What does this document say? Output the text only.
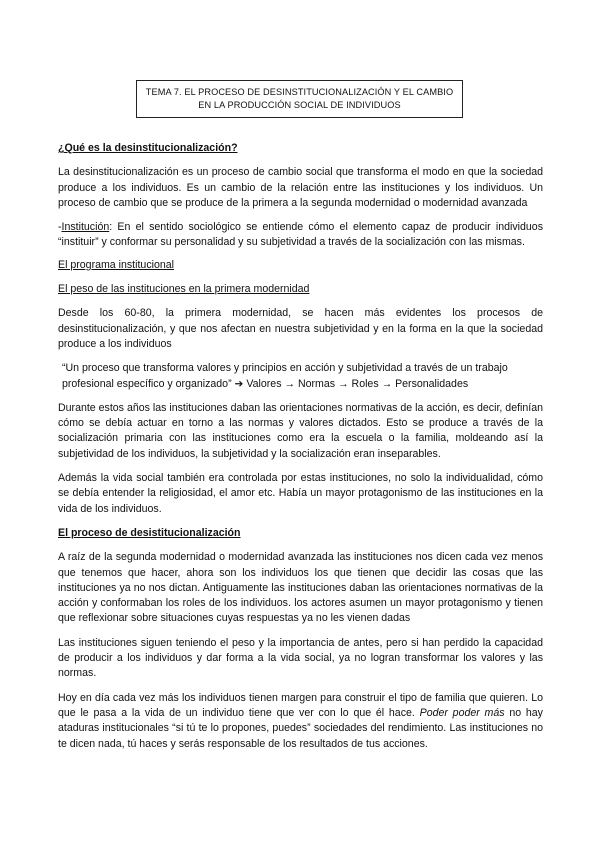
TEMA 7. EL PROCESO DE DESINSTITUCIONALIZACIÓN Y EL CAMBIO
EN LA PRODUCCIÓN SOCIAL DE INDIVIDUOS

¿Qué es la desinstitucionalización?

La desinstitucionalización es un proceso de cambio social que transforma el modo en que la sociedad produce a los individuos. Es un cambio de la relación entre las instituciones y los individuos. Un proceso de cambio que se produce de la primera a la segunda modernidad o modernidad avanzada

-Institución: En el sentido sociológico se entiende cómo el elemento capaz de producir individuos “instituir” y conformar su personalidad y su subjetividad a través de la socialización con las mismas.

El programa institucional

El peso de las instituciones en la primera modernidad

Desde los 60-80, la primera modernidad, se hacen más evidentes los procesos de desinstitucionalización, y que nos afectan en nuestra subjetividad y en la forma en la que la sociedad produce a los individuos

“Un proceso que transforma valores y principios en acción y subjetividad a través de un trabajo profesional específico y organizado” ➔ Valores → Normas → Roles → Personalidades

Durante estos años las instituciones daban las orientaciones normativas de la acción, es decir, definían cómo se debía actuar en torno a las normas y valores dictados. Esto se produce a través de la socialización primaria con las instituciones como era la escuela o la familia, moldeando así la subjetividad de los individuos, la subjetividad y la socialización eran inseparables.

Además la vida social también era controlada por estas instituciones, no solo la individualidad, cómo se debía entender la religiosidad, el amor etc. Había un mayor protagonismo de las instituciones en la vida de los individuos.

El proceso de desistitucionalización

A raíz de la segunda modernidad o modernidad avanzada las instituciones nos dicen cada vez menos que tenemos que hacer, ahora son los individuos los que tienen que decidir las cosas que las instituciones ya no nos dictan. Antiguamente las instituciones daban las orientaciones normativas de la acción y conformaban los roles de los individuos. los actores asumen un mayor protagonismo y tienen que reflexionar sobre situaciones cuyas respuestas ya no les vienen dadas

Las instituciones siguen teniendo el peso y la importancia de antes, pero si han perdido la capacidad de producir a los individuos y dar forma a la vida social, ya no logran transformar los valores y las normas.

Hoy en día cada vez más los individuos tienen margen para construir el tipo de familia que quieren. Lo que le pasa a la vida de un individuo tiene que ver con lo que él hace. Poder poder más no hay ataduras institucionales “si tú te lo propones, puedes” sociedades del rendimiento. Las instituciones no te dicen nada, tú haces y serás responsable de los resultados de tus acciones.
